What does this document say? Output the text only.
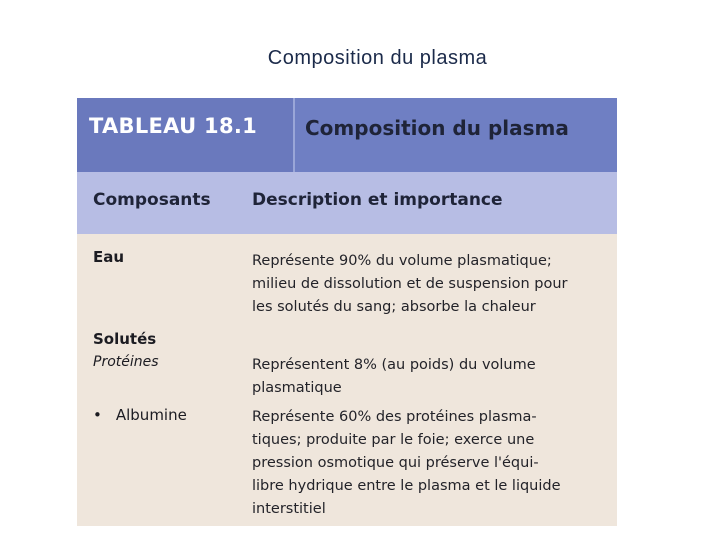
Composition du plasma
TABLEAU 18.1 Composition du plasma
Composants Description et importance
Eau	Représente 90% du volume plasmatique;
milieu de dissolution et de suspension pour
les solutés du sang; absorbe la chaleur
Solutés
Protéines	Représentent 8% (au poids) du volume
plasmatique
• Albumine	Représente 60% des protéines plasma-
tiques; produite par le foie; exerce une
pression osmotique qui préserve l'équi-
libre hydrique entre le plasma et le liquide
interstitiel
